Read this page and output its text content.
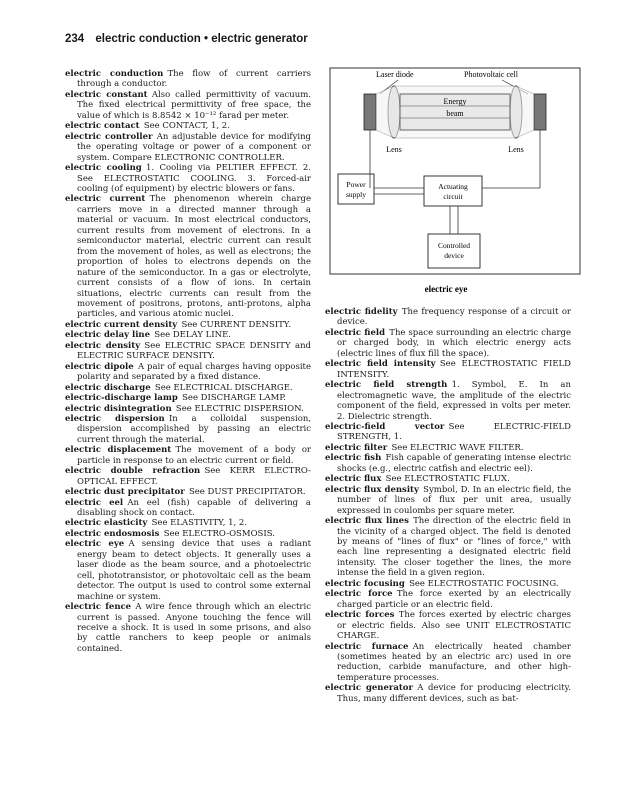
234 electric conduction • electric generator
Laser diode	Photovoltaic cell
Energy
beam
Lens	Lens
Power
supply
Actuating
circuit
Controlled
device
electric eye

electric conduction  The flow of current carriers through a conductor.

electric constant  Also called permittivity of vacuum. The fixed electrical permittivity of free space, the value of which is 8.8542 × 10⁻¹² farad per meter.

electric contact  See CONTACT, 1, 2.

electric controller  An adjustable device for modifying the operating voltage or power of a component or system. Compare ELECTRONIC CONTROLLER.

electric cooling  1. Cooling via PELTIER EFFECT. 2. See ELECTROSTATIC COOLING. 3. Forced-air cooling (of equipment) by electric blowers or fans.

electric current  The phenomenon wherein charge carriers move in a directed manner through a material or vacuum. In most electrical conductors, current results from movement of electrons. In a semiconductor material, electric current can result from the movement of holes, as well as electrons; the proportion of holes to electrons depends on the nature of the semiconductor. In a gas or electrolyte, current consists of a flow of ions. In certain situations, electric currents can result from the movement of positrons, protons, anti-protons, alpha particles, and various atomic nuclei.

electric current density  See CURRENT DENSITY.

electric delay line  See DELAY LINE.

electric density  See ELECTRIC SPACE DENSITY and ELECTRIC SURFACE DENSITY.

electric dipole  A pair of equal charges having opposite polarity and separated by a fixed distance.

electric discharge  See ELECTRICAL DISCHARGE.

electric-discharge lamp  See DISCHARGE LAMP.

electric disintegration  See ELECTRIC DISPERSION.

electric dispersion  In a colloidal suspension, dispersion accomplished by passing an electric current through the material.

electric displacement  The movement of a body or particle in response to an electric current or field.

electric double refraction  See KERR ELECTRO-OPTICAL EFFECT.

electric dust precipitator  See DUST PRECIPITATOR.

electric eel  An eel (fish) capable of delivering a disabling shock on contact.

electric elasticity  See ELASTIVITY, 1, 2.

electric endosmosis  See ELECTRO-OSMOSIS.

electric eye  A sensing device that uses a radiant energy beam to detect objects. It generally uses a laser diode as the beam source, and a photoelectric cell, phototransistor, or photovoltaic cell as the beam detector. The output is used to control some external machine or system.

electric fence  A wire fence through which an electric current is passed. Anyone touching the fence will receive a shock. It is used in some prisons, and also by cattle ranchers to keep people or animals contained.

electric fidelity  The frequency response of a circuit or device.

electric field  The space surrounding an electric charge or charged body, in which electric energy acts (electric lines of flux fill the space).

electric field intensity  See ELECTROSTATIC FIELD INTENSITY.

electric field strength  1. Symbol, E. In an electromagnetic wave, the amplitude of the electric component of the field, expressed in volts per meter. 2. Dielectric strength.

electric-field vector  See ELECTRIC-FIELD STRENGTH, 1.

electric filter  See ELECTRIC WAVE FILTER.

electric fish  Fish capable of generating intense electric shocks (e.g., electric catfish and electric eel).

electric flux  See ELECTROSTATIC FLUX.

electric flux density  Symbol, D. In an electric field, the number of lines of flux per unit area, usually expressed in coulombs per square meter.

electric flux lines  The direction of the electric field in the vicinity of a charged object. The field is denoted by means of "lines of flux" or "lines of force," with each line representing a designated electric field intensity. The closer together the lines, the more intense the field in a given region.

electric focusing  See ELECTROSTATIC FOCUSING.

electric force  The force exerted by an electrically charged particle or an electric field.

electric forces  The forces exerted by electric charges or electric fields. Also see UNIT ELECTROSTATIC CHARGE.

electric furnace  An electrically heated chamber (sometimes heated by an electric arc) used in ore reduction, carbide manufacture, and other high-temperature processes.

electric generator  A device for producing electricity. Thus, many different devices, such as bat-
